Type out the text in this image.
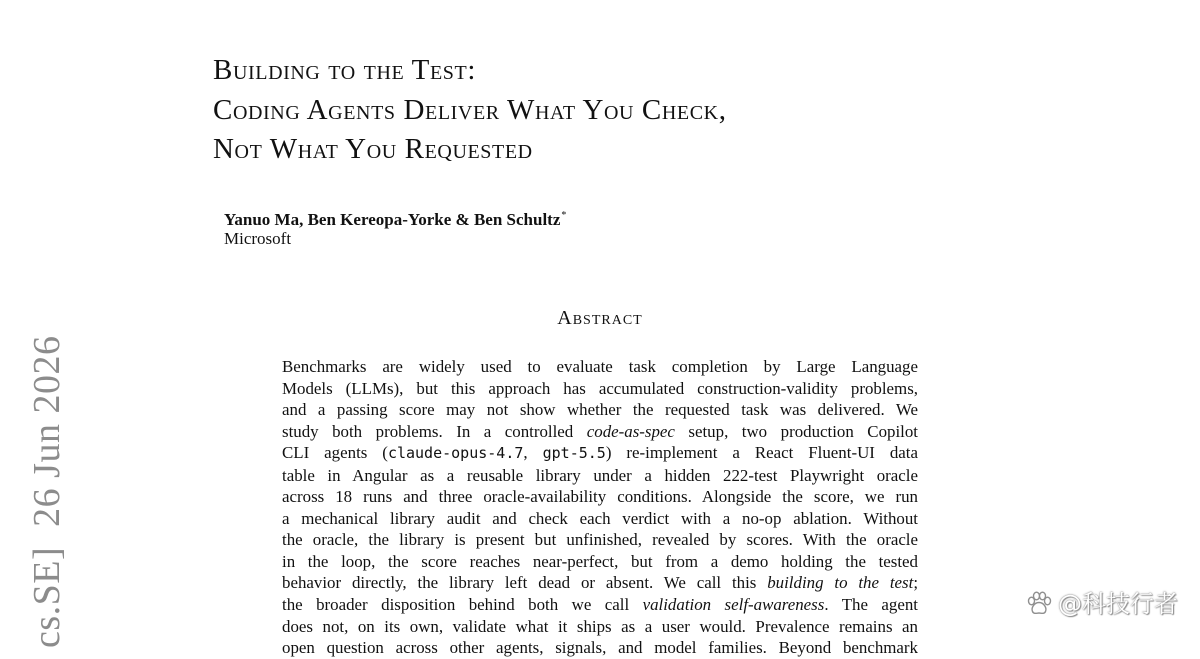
Building to the Test:
Coding Agents Deliver What You Check,
Not What You Requested
Yanuo Ma, Ben Kereopa-Yorke & Ben Schultz*
Microsoft
Abstract
Benchmarks are widely used to evaluate task completion by Large Language
Models (LLMs), but this approach has accumulated construction-validity problems,
and a passing score may not show whether the requested task was delivered. We
study both problems. In a controlled code-as-spec setup, two production Copilot
CLI agents (claude-opus-4.7, gpt-5.5) re-implement a React Fluent-UI data
table in Angular as a reusable library under a hidden 222-test Playwright oracle
across 18 runs and three oracle-availability conditions. Alongside the score, we run
a mechanical library audit and check each verdict with a no-op ablation. Without
the oracle, the library is present but unfinished, revealed by scores. With the oracle
in the loop, the score reaches near-perfect, but from a demo holding the tested
behavior directly, the library left dead or absent. We call this building to the test;
the broader disposition behind both we call validation self-awareness. The agent
does not, on its own, validate what it ships as a user would. Prevalence remains an
open question across other agents, signals, and model families. Beyond benchmark
cs.SE]  26 Jun 2026	@科技行者
